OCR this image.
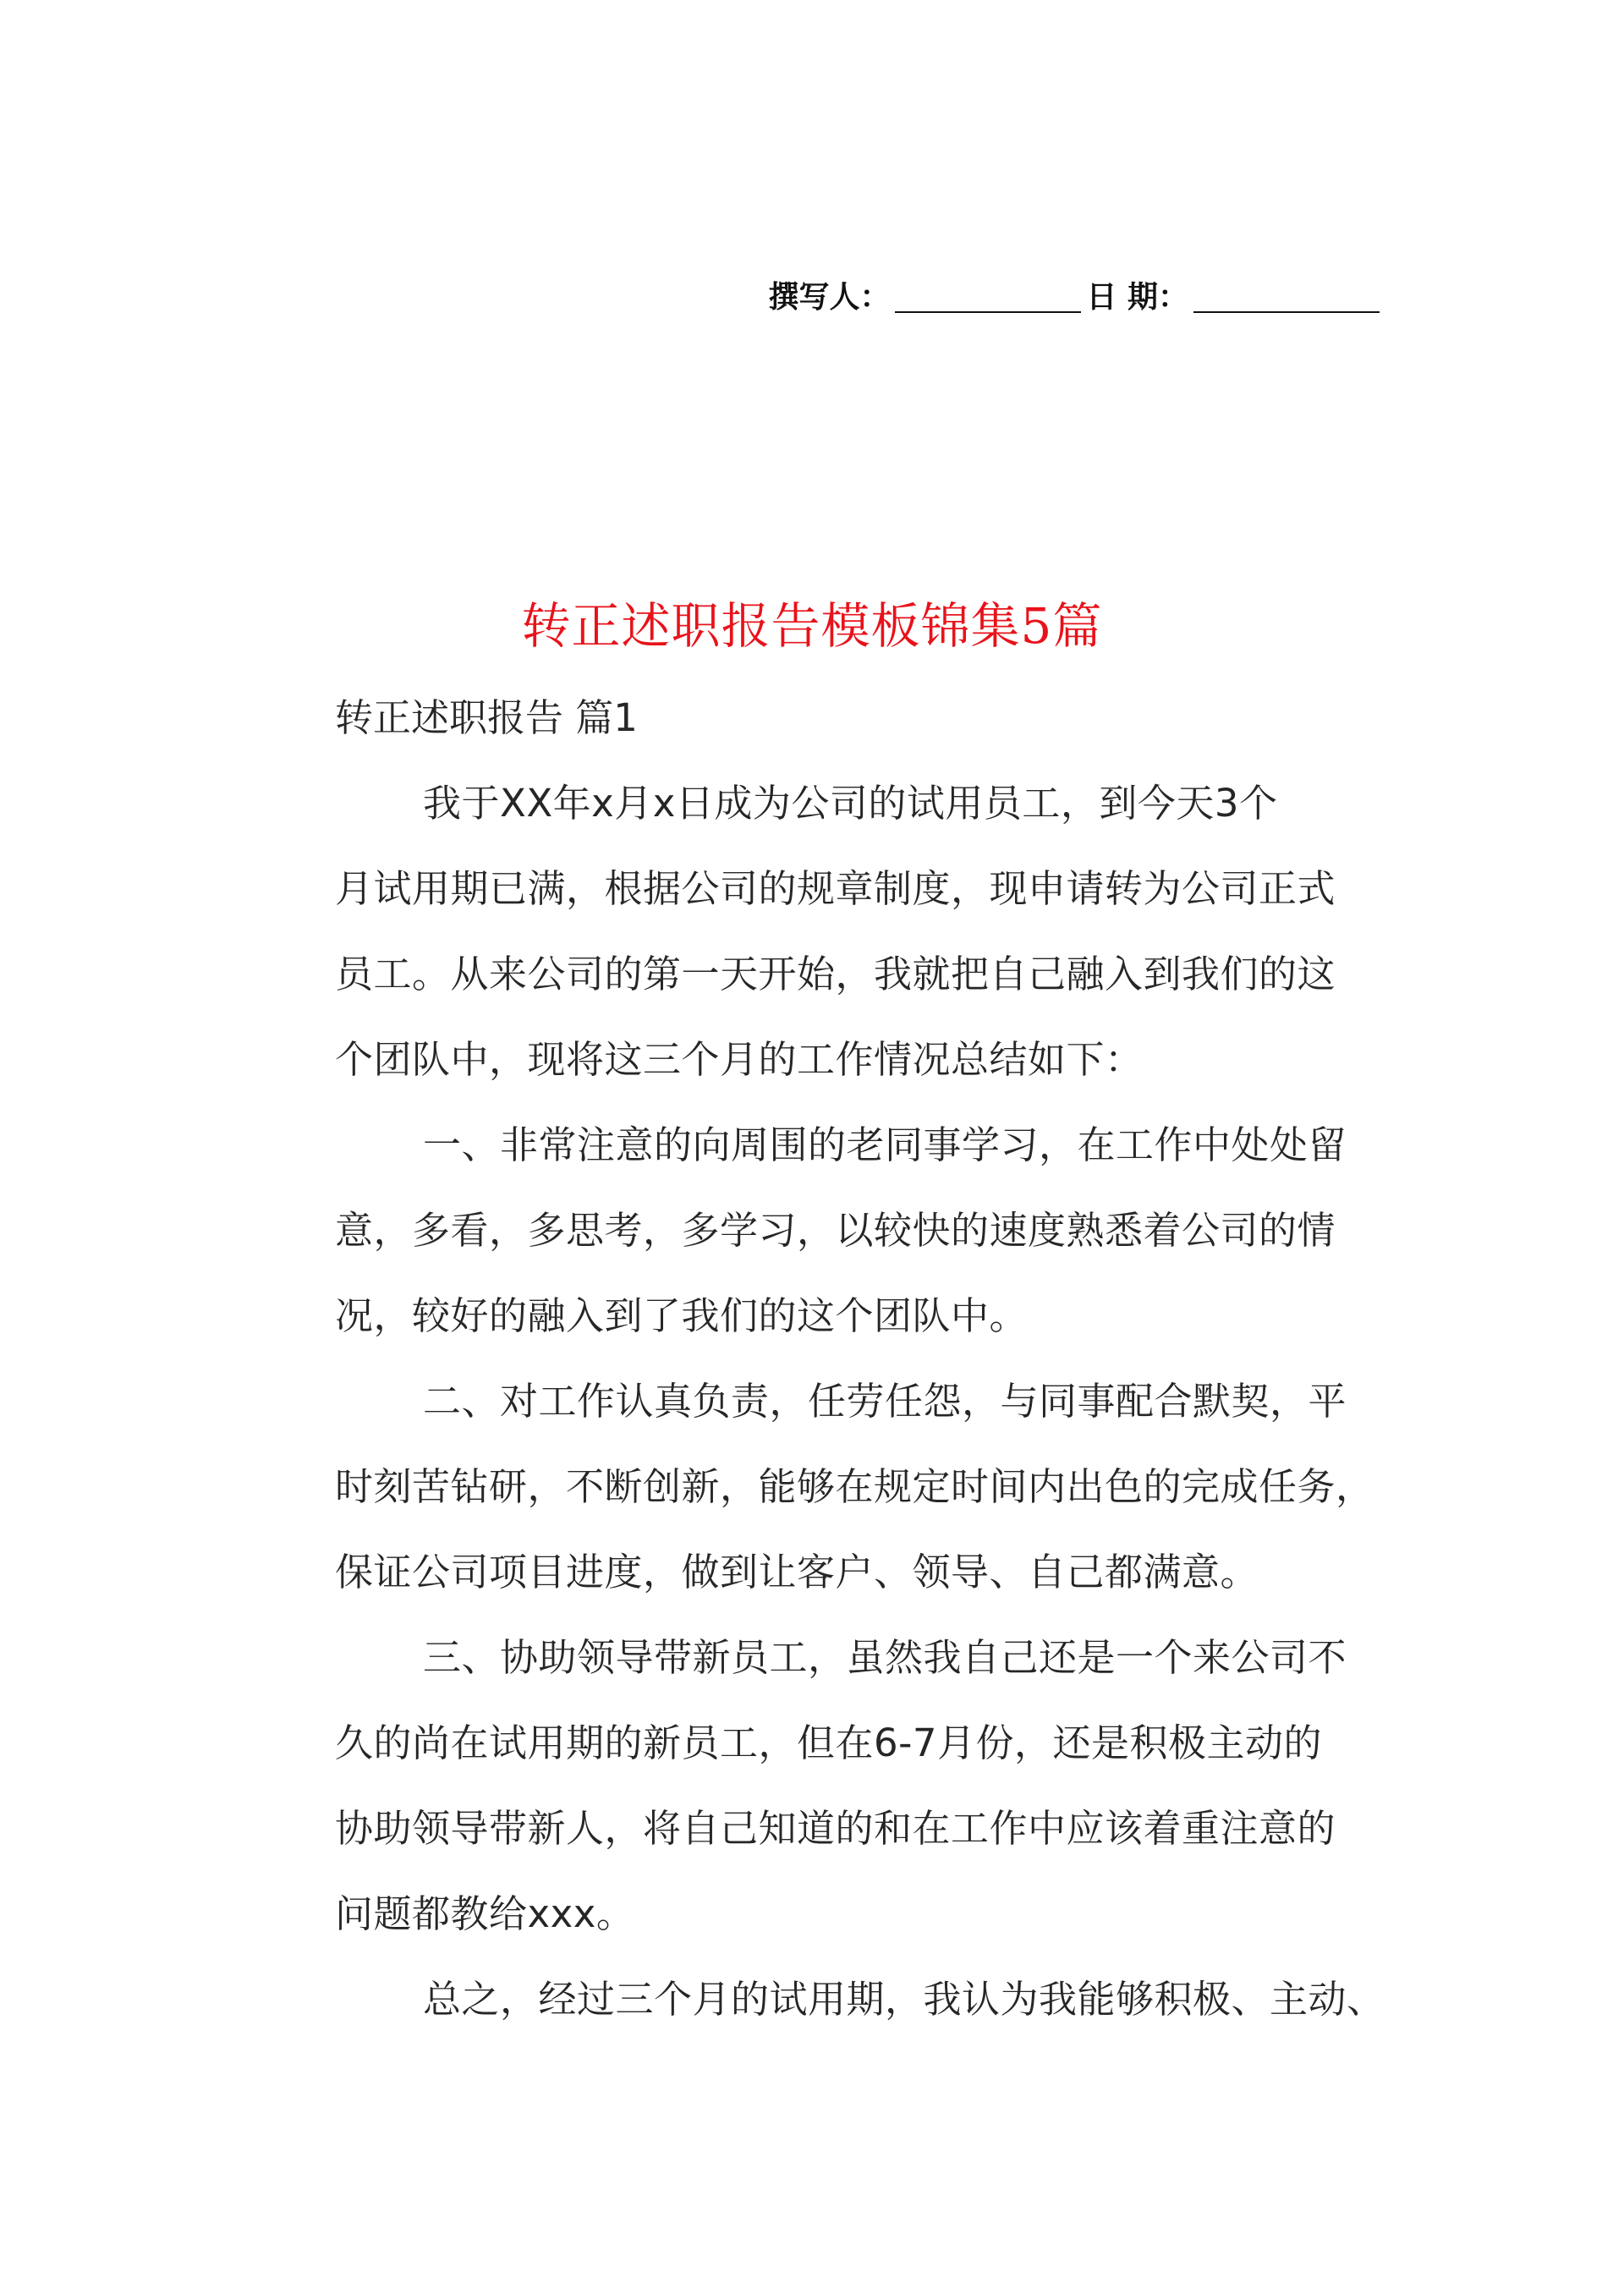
撰写人：	日 期：
转正述职报告模板锦集5篇
转正述职报告 篇1
我于XX年x月x日成为公司的试用员工，到今天3个
月试用期已满，根据公司的规章制度，现申请转为公司正式
员工。从来公司的第一天开始，我就把自己融入到我们的这
个团队中，现将这三个月的工作情况总结如下：
一、非常注意的向周围的老同事学习，在工作中处处留
意，多看，多思考，多学习，以较快的速度熟悉着公司的情
况，较好的融入到了我们的这个团队中。
二、对工作认真负责，任劳任怨，与同事配合默契，平
时刻苦钻研，不断创新，能够在规定时间内出色的完成任务，
保证公司项目进度，做到让客户、领导、自己都满意。
三、协助领导带新员工，虽然我自己还是一个来公司不
久的尚在试用期的新员工，但在6-7月份，还是积极主动的
协助领导带新人，将自己知道的和在工作中应该着重注意的
问题都教给xxx。
总之，经过三个月的试用期，我认为我能够积极、主动、
